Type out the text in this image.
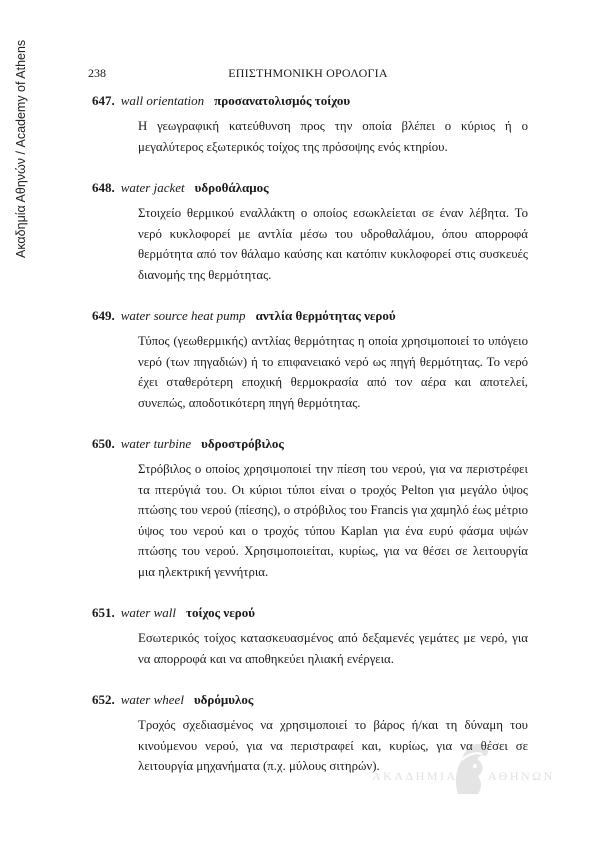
Ακαδημία Αθηνών / Academy of Athens	238	ΕΠΙΣΤΗΜΟΝΙΚΗ ΟΡΟΛΟΓΙΑ
647. wall orientation προσανατολισμός τοίχου
Η γεωγραφική κατεύθυνση προς την οποία βλέπει ο κύριος ή ο μεγαλύτερος εξωτερικός τοίχος της πρόσοψης ενός κτηρίου.
648. water jacket υδροθάλαμος
Στοιχείο θερμικού εναλλάκτη ο οποίος εσωκλείεται σε έναν λέβητα. Το νερό κυκλοφορεί με αντλία μέσω του υδροθαλάμου, όπου απορροφά θερμότητα από τον θάλαμο καύσης και κατόπιν κυκλοφορεί στις συσκευές διανομής της θερμότητας.
649. water source heat pump αντλία θερμότητας νερού
Τύπος (γεωθερμικής) αντλίας θερμότητας η οποία χρησιμοποιεί το υπόγειο νερό (των πηγαδιών) ή το επιφανειακό νερό ως πηγή θερμότητας. Το νερό έχει σταθερότερη εποχική θερμοκρασία από τον αέρα και αποτελεί, συνεπώς, αποδοτικότερη πηγή θερμότητας.
650. water turbine υδροστρόβιλος
Στρόβιλος ο οποίος χρησιμοποιεί την πίεση του νερού, για να περιστρέφει τα πτερύγιά του. Οι κύριοι τύποι είναι ο τροχός Pelton για μεγάλο ύψος πτώσης του νερού (πίεσης), ο στρόβιλος του Francis για χαμηλό έως μέτριο ύψος του νερού και ο τροχός τύπου Kaplan για ένα ευρύ φάσμα υψών πτώσης του νερού. Χρησιμοποιείται, κυρίως, για να θέσει σε λειτουργία μια ηλεκτρική γεννήτρια.
651. water wall τοίχος νερού
Εσωτερικός τοίχος κατασκευασμένος από δεξαμενές γεμάτες με νερό, για να απορροφά και να αποθηκεύει ηλιακή ενέργεια.
652. water wheel υδρόμυλος
Τροχός σχεδιασμένος να χρησιμοποιεί το βάρος ή/και τη δύναμη του κινούμενου νερού, για να περιστραφεί και, κυρίως, για να θέσει σε λειτουργία μηχανήματα (π.χ. μύλους σιτηρών).
ΑΚΑΔΗΜΙΑ	ΑΘΗΝΩΝ
